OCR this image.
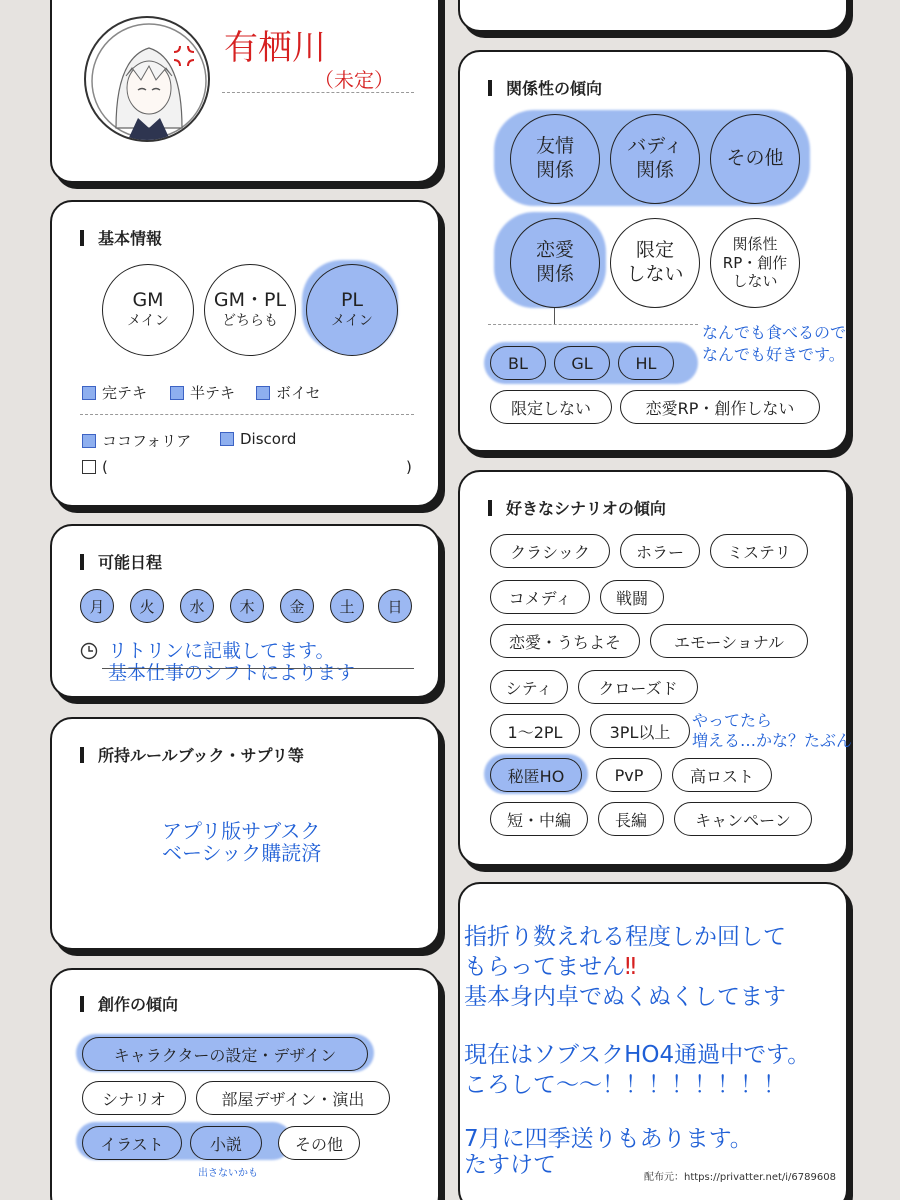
有栖川
（未定）
基本情報
GM
メイン
GM・PL
どちらも
PL
メイン
完テキ	半テキ	ボイセ
ココフォリア	Discord
(	)
可能日程
月	火	水	木	金	土	日
リトリンに記載してます。
基本仕事のシフトによります
所持ルールブック・サプリ等
アプリ版サブスク
ベーシック購読済
創作の傾向
キャラクターの設定・デザイン
シナリオ	部屋デザイン・演出
イラスト	小説	その他
出さないかも
関係性の傾向
友情
関係
バディ
関係
その他
恋愛
関係
限定
しない
関係性
RP・創作
しない
なんでも食べるので
なんでも好きです。
BL	GL	HL
限定しない	恋愛RP・創作しない
好きなシナリオの傾向
クラシック	ホラー	ミステリ
コメディ	戦闘
恋愛・うちよそ	エモーショナル
シティ	クローズド
1〜2PL	3PL以上
やってたら
増える…かな？たぶん
秘匿HO	PvP	高ロスト
短・中編	長編	キャンペーン
指折り数えれる程度しか回して
もらってません‼
基本身内卓でぬくぬくしてます
現在はソブスクHO4通過中です。
ころして〜〜！！！！！！！！
7月に四季送りもあります。
たすけて	配布元：https://privatter.net/i/6789608
